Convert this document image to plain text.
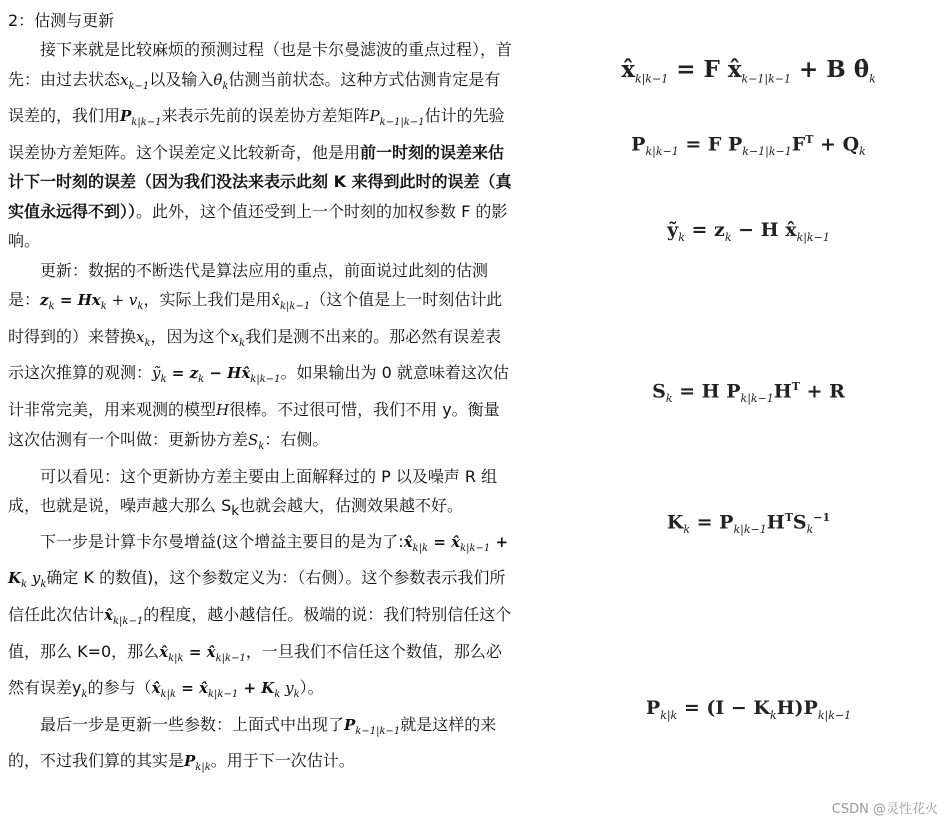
2：估测与更新

接下来就是比较麻烦的预测过程（也是卡尔曼滤波的重点过程），首先：由过去状态$x_{k-1}$以及输入$\thetȧ_k$估测当前状态。这种方式估测肯定是有误差的，我们用$P_{k|k-1}$来表示先前的误差协方差矩阵$P_{k-1|k-1}$估计的先验误差协方差矩阵。这个误差定义比较新奇，他是用前一时刻的误差来估计下一时刻的误差（因为我们没法来表示此刻 K 来得到此时的误差（真实值永远得不到））。此外，这个值还受到上一个时刻的加权参数 F 的影响。

更新：数据的不断迭代是算法应用的重点，前面说过此刻的估测是：$z_k = Hx_k + v_k$，实际上我们是用$x̂_{k|k-1}$（这个值是上一时刻估计此时得到的）来替换$x_k$，因为这个$x_k$我们是测不出来的。那必然有误差表示这次推算的观测：ỹ$_k$ = $z_k$ − $Hx̂_{k|k-1}$。如果输出为 0 就意味着这次估计非常完美，用来观测的模型H很棒。不过很可惜，我们不用 y。衡量这次估测有一个叫做：更新协方差$S_k$：右侧。

可以看见：这个更新协方差主要由上面解释过的 P 以及噪声 R 组成，也就是说，噪声越大那么 $S_k$也就会越大，估测效果越不好。

下一步是计算卡尔曼增益(这个增益主要目的是为了$:x̂_{k|k}$ = $x̂_{k|k-1} + K_k$ $y_k$确定 K 的数值)，这个参数定义为：（右侧）。这个参数表示我们所信任此次估计$x̂_{k|k-1}$的程度，越小越信任。极端的说：我们特别信任这个值，那么 K=0，那么$x̂_{k|k}$ = $x̂_{k|k-1}$，一旦我们不信任这个数值，那么必然有误差$y_k$的参与（$x̂_{k|k}$ = $x̂_{k|k-1} + K_k$ $y_k$）。

最后一步是更新一些参数：上面式中出现了$P_{k-1|k-1}$就是这样的来的，不过我们算的其实是$P_{k|k}$。用于下一次估计。

$x̂_{k|k-1} = F$ $x̂_{k-1|k-1} + B$ $\thetȧ_k$
$P_{k|k-1} = F$ $P_{k-1|k-1}F^T + Q_k$
ỹ$_k$ = $z_k - H$ $x̂_{k|k-1}$
$S_k = H$ $P_{k|k-1}H^T + R$
$K_k = P_{k|k-1}H^TS_k^{-1}$
$P_{k|k} = (I - K_kH)P_{k|k-1}$
CSDN @灵性花火
